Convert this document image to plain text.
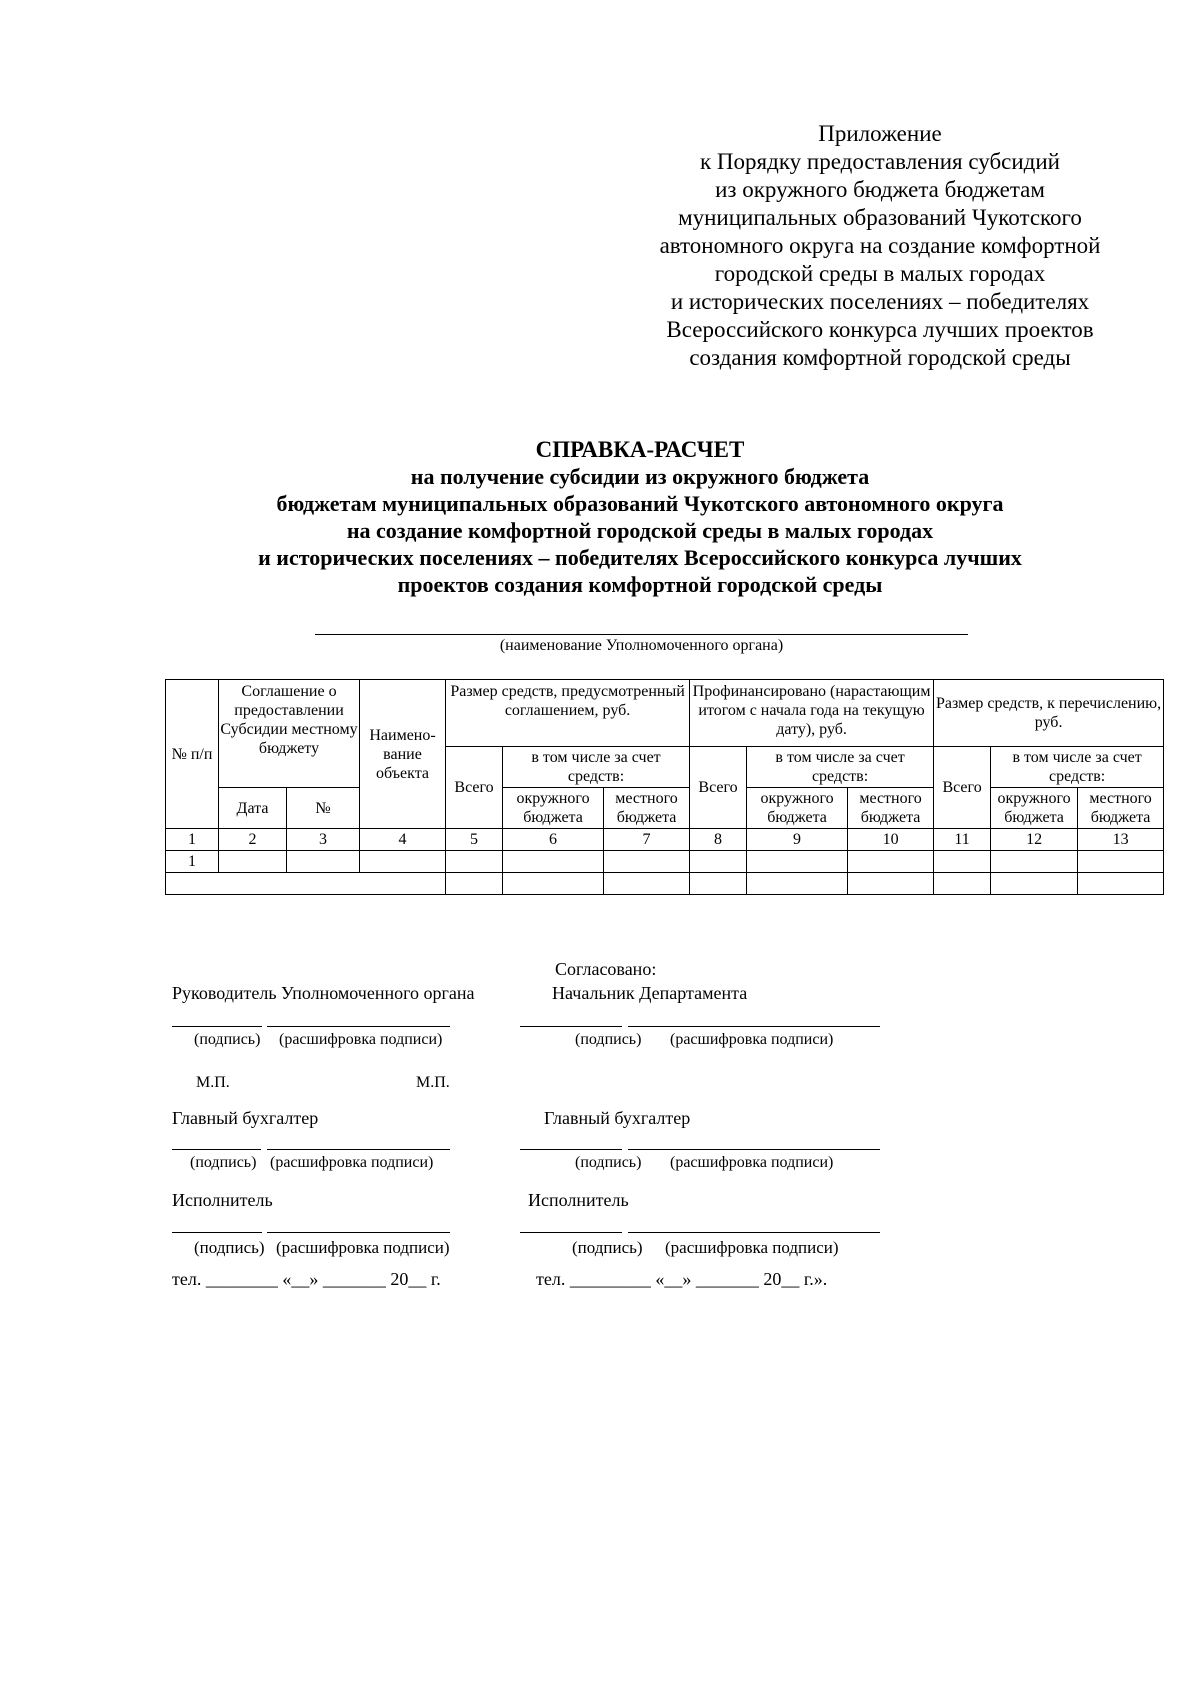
Приложение
к Порядку предоставления субсидий
из окружного бюджета бюджетам
муниципальных образований Чукотского
автономного округа на создание комфортной
городской среды в малых городах
и исторических поселениях – победителях
Всероссийского конкурса лучших проектов
создания комфортной городской среды
СПРАВКА-РАСЧЕТ
на получение субсидии из окружного бюджета
бюджетам муниципальных образований Чукотского автономного округа
на создание комфортной городской среды в малых городах
и исторических поселениях – победителях Всероссийского конкурса лучших
проектов создания комфортной городской среды
(наименование Уполномоченного органа)
№ п/п	Соглашение о предоставлении Субсидии местному бюджету		Наимено- вание объекта	Размер средств, предусмотренный соглашением, руб.			Профинансировано (нарастающим итогом с начала года на текущую дату), руб.			Размер средств, к перечислению, руб.		
				Всего	в том числе за счет средств:		Всего	в том числе за счет средств:		Всего	в том числе за счет средств:	
	Дата	№			окружного бюджета	местного бюджета		окружного бюджета	местного бюджета		окружного бюджета	местного бюджета
1	2	3	4	5	6	7	8	9	10	11	12	13
1												

Согласовано:
Руководитель Уполномоченного органа	Начальник Департамента
(подпись) (расшифровка подписи)	(подпись) (расшифровка подписи)
М.П.	М.П.
Главный бухгалтер	Главный бухгалтер
(подпись) (расшифровка подписи)	(подпись) (расшифровка подписи)
Исполнитель	Исполнитель
(подпись) (расшифровка подписи)	(подпись) (расшифровка подписи)
тел. ________ «__» _______ 20__ г.	тел. _________ «__» _______ 20__ г.».
